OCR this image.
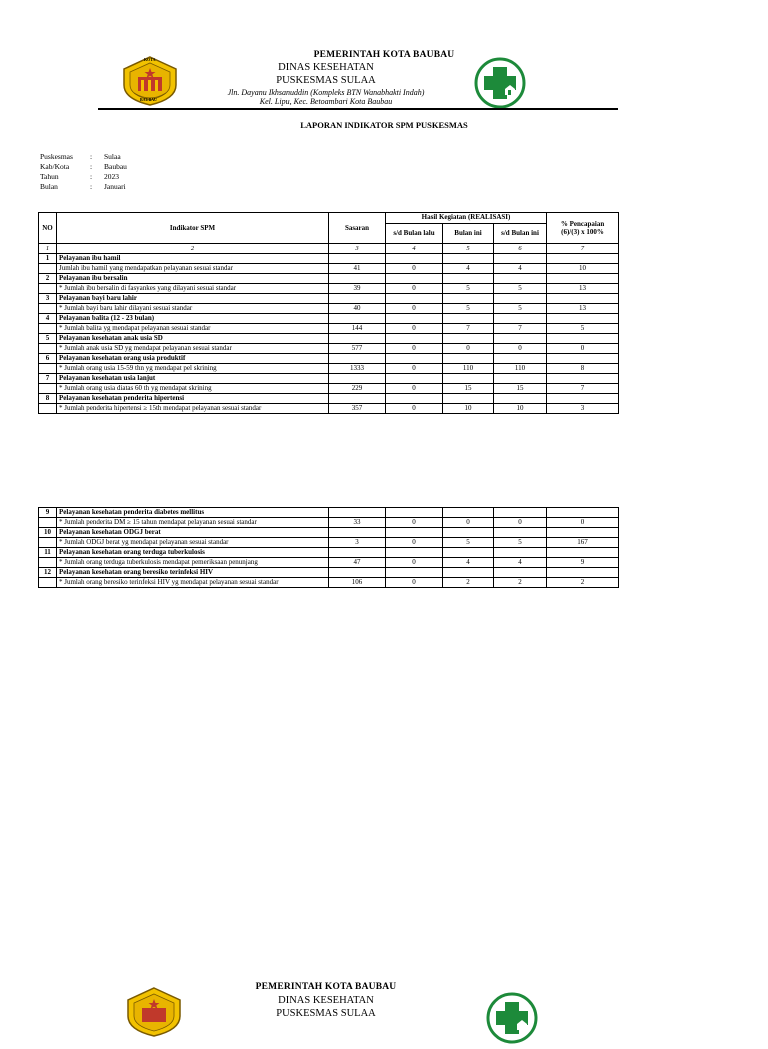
KOTA
BAUBAU
PEMERINTAH KOTA BAUBAU
DINAS KESEHATAN
PUSKESMAS SULAA
Jln. Dayanu Ikhsanuddin (Kompleks BTN Wanabhakti Indah)
Kel. Lipu, Kec. Betoambari Kota Baubau
LAPORAN INDIKATOR SPM PUSKESMAS
Puskesmas	:	Sulaa
Kab/Kota	:	Baubau
Tahun	:	2023
Bulan	:	Januari
NO	Indikator SPM	Sasaran	Hasil Kegiatan (REALISASI)			% Pencapaian
(6)/(3) x 100%
			s/d Bulan lalu	Bulan ini	s/d Bulan ini	
1	2	3	4	5	6	7
1	Pelayanan ibu hamil					
	Jumlah ibu hamil yang mendapatkan pelayanan sesuai standar	41	0	4	4	10
2	Pelayanan ibu bersalin					
	* Jumlah ibu bersalin di fasyankes yang dilayani sesuai standar	39	0	5	5	13
3	Pelayanan bayi baru lahir					
	* Jumlah bayi baru lahir dilayani sesuai standar	40	0	5	5	13
4	Pelayanan balita (12 - 23 bulan)					
	* Jumlah balita yg mendapat pelayanan sesuai standar	144	0	7	7	5
5	Pelayanan kesehatan anak usia SD					
	* Jumlah anak usia SD yg mendapat pelayanan sesuai standar	577	0	0	0	0
6	Pelayanan kesehatan orang usia produktif					
	* Jumlah orang usia 15-59 thn yg mendapat pel skrining	1333	0	110	110	8
7	Pelayanan kesehatan usia lanjut					
	* Jumlah orang usia diatas 60 th yg mendapat skrining	229	0	15	15	7
8	Pelayanan kesehatan penderita hipertensi					
	* Jumlah penderita hipertensi ≥ 15th mendapat pelayanan sesuai standar	357	0	10	10	3
9	Pelayanan kesehatan penderita diabetes mellitus					
	* Jumlah penderita DM ≥ 15 tahun mendapat pelayanan sesuai standar	33	0	0	0	0
10	Pelayanan kesehatan ODGJ berat					
	* Jumlah ODGJ berat yg mendapat pelayanan sesuai standar	3	0	5	5	167
11	Pelayanan kesehatan orang terduga tuberkulosis					
	* Jumlah orang terduga tuberkulosis mendapat pemeriksaan penunjang	47	0	4	4	9
12	Pelayanan kesehatan orang beresiko terinfeksi HIV					
	* Jumlah orang beresiko terinfeksi HIV yg mendapat pelayanan sesuai standar	106	0	2	2	2
PEMERINTAH KOTA BAUBAU
DINAS KESEHATAN
PUSKESMAS SULAA
